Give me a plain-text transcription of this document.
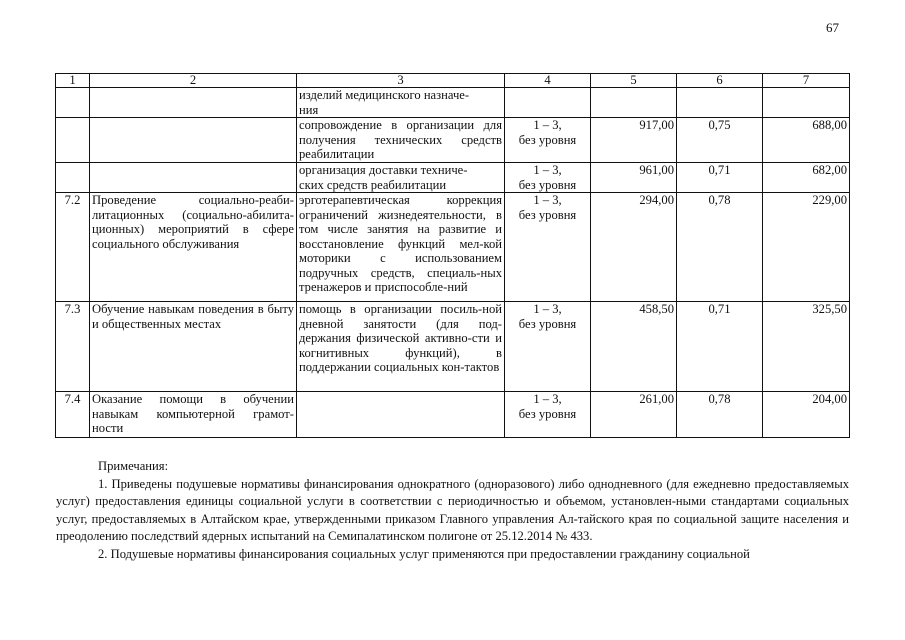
67
1	2	3	4	5	6	7
		изделий медицинского назначе-
ния				
		сопровождение в организации для получения технических средств реабилитации	1 – 3,
без уровня	917,00	0,75	688,00
		организация доставки техниче-
ских средств реабилитации	1 – 3,
без уровня	961,00	0,71	682,00
7.2	Проведение социально-реаби-литационных (социально-абилита-ционных) мероприятий в сфере социального обслуживания	эрготерапевтическая коррекция ограничений жизнедеятельности, в том числе занятия на развитие и восстановление функций мел-кой моторики с использованием подручных средств, специаль-ных тренажеров и приспособле-ний	1 – 3,
без уровня	294,00	0,78	229,00
7.3	Обучение навыкам поведения в быту и общественных местах	помощь в организации посиль-ной дневной занятости (для под-держания физической активно-сти и когнитивных функций), в поддержании социальных кон-тактов	1 – 3,
без уровня	458,50	0,71	325,50
7.4	Оказание помощи в обучении навыкам компьютерной грамот-ности		1 – 3,
без уровня	261,00	0,78	204,00

Примечания:

1. Приведены подушевые нормативы финансирования однократного (одноразового) либо однодневного (для ежедневно предоставляемых услуг) предоставления единицы социальной услуги в соответствии с периодичностью и объемом, установлен-ными стандартами социальных услуг, предоставляемых в Алтайском крае, утвержденными приказом Главного управления Ал-тайского края по социальной защите населения и преодолению последствий ядерных испытаний на Семипалатинском полигоне от 25.12.2014 № 433.

2. Подушевые нормативы финансирования социальных услуг применяются при предоставлении гражданину социальной
